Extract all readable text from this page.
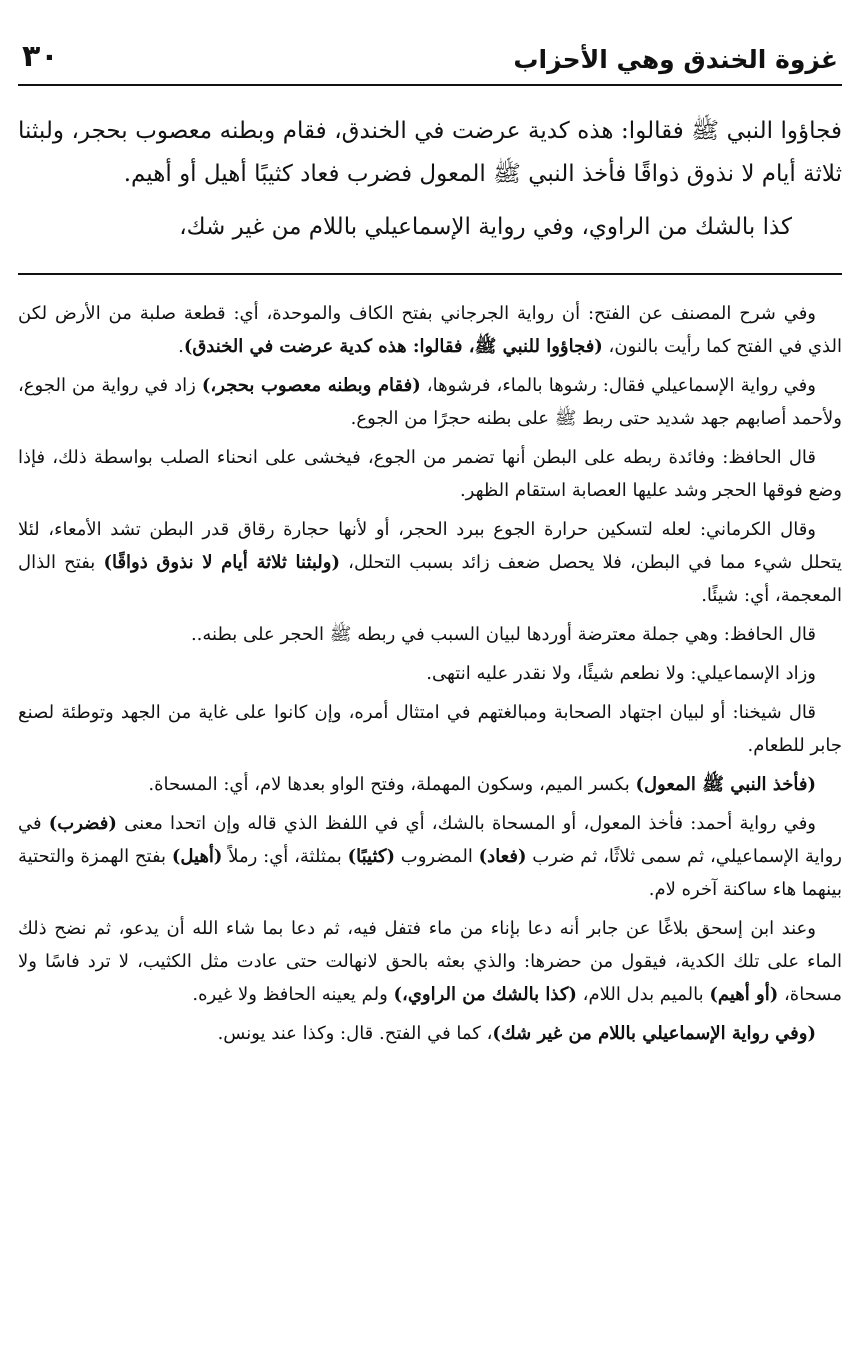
غزوة الخندق وهي الأحزاب
٣٠

فجاؤوا النبي ﷺ فقالوا: هذه كدية عرضت في الخندق، فقام وبطنه معصوب بحجر، ولبثنا ثلاثة أيام لا نذوق ذواقًا فأخذ النبي ﷺ المعول فضرب فعاد كثيبًا أهيل أو أهيم.

كذا بالشك من الراوي، وفي رواية الإسماعيلي باللام من غير شك،

وفي شرح المصنف عن الفتح: أن رواية الجرجاني بفتح الكاف والموحدة، أي: قطعة صلبة من الأرض لكن الذي في الفتح كما رأيت بالنون، (فجاؤوا للنبي ﷺ، فقالوا: هذه كدية عرضت في الخندق).

وفي رواية الإسماعيلي فقال: رشوها بالماء، فرشوها، (فقام وبطنه معصوب بحجر،) زاد في رواية من الجوع، ولأحمد أصابهم جهد شديد حتى ربط ﷺ على بطنه حجرًا من الجوع.

قال الحافظ: وفائدة ربطه على البطن أنها تضمر من الجوع، فيخشى على انحناء الصلب بواسطة ذلك، فإذا وضع فوقها الحجر وشد عليها العصابة استقام الظهر.

وقال الكرماني: لعله لتسكين حرارة الجوع ببرد الحجر، أو لأنها حجارة رقاق قدر البطن تشد الأمعاء، لئلا يتحلل شيء مما في البطن، فلا يحصل ضعف زائد بسبب التحلل، (ولبثنا ثلاثة أيام لا نذوق ذواقًا) بفتح الذال المعجمة، أي: شيئًا.

قال الحافظ: وهي جملة معترضة أوردها لبيان السبب في ربطه ﷺ الحجر على بطنه..

وزاد الإسماعيلي: ولا نطعم شيئًا، ولا نقدر عليه انتهى.

قال شيخنا: أو لبيان اجتهاد الصحابة ومبالغتهم في امتثال أمره، وإن كانوا على غاية من الجهد وتوطئة لصنع جابر للطعام.

(فأخذ النبي ﷺ المعول) بكسر الميم، وسكون المهملة، وفتح الواو بعدها لام، أي: المسحاة.

وفي رواية أحمد: فأخذ المعول، أو المسحاة بالشك، أي في اللفظ الذي قاله وإن اتحدا معنى (فضرب) في رواية الإسماعيلي، ثم سمى ثلاثًا، ثم ضرب (فعاد) المضروب (كثيبًا) بمثلثة، أي: رملاً (أهيل) بفتح الهمزة والتحتية بينهما هاء ساكنة آخره لام.

وعند ابن إسحق بلاغًا عن جابر أنه دعا بإناء من ماء فتفل فيه، ثم دعا بما شاء الله أن يدعو، ثم نضح ذلك الماء على تلك الكدية، فيقول من حضرها: والذي بعثه بالحق لانهالت حتى عادت مثل الكثيب، لا ترد فاسًا ولا مسحاة، (أو أهيم) بالميم بدل اللام، (كذا بالشك من الراوي،) ولم يعينه الحافظ ولا غيره.

(وفي رواية الإسماعيلي باللام من غير شك)، كما في الفتح. قال: وكذا عند يونس.
